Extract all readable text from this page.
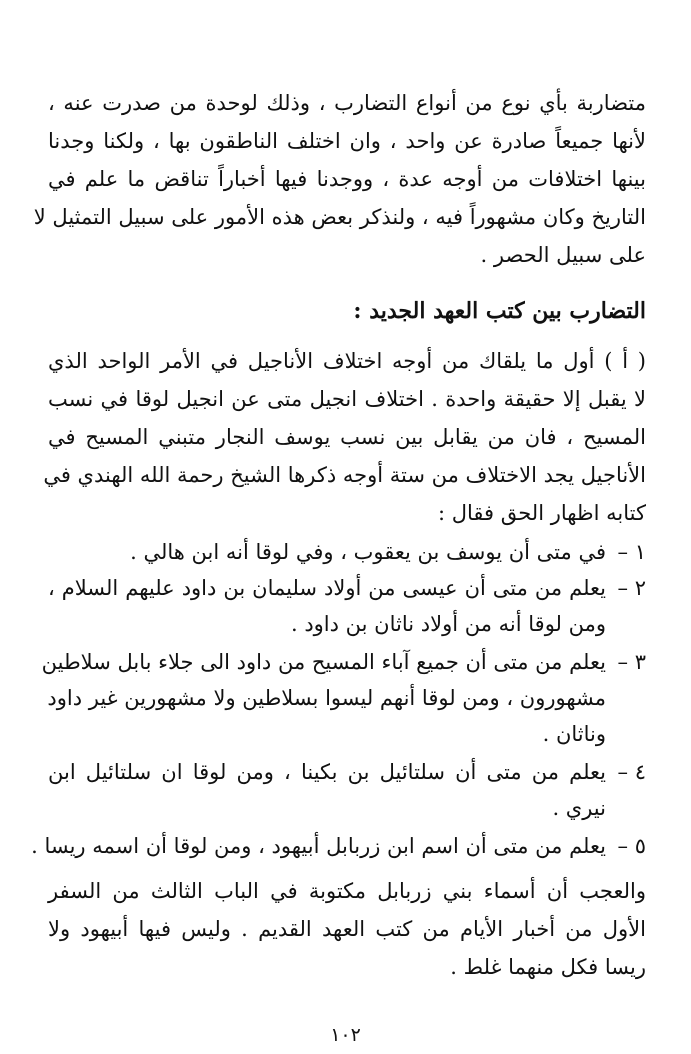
متضاربة بأي نوع من أنواع التضارب ، وذلك لوحدة من صدرت عنه ،
لأنها جميعاً صادرة عن واحد ، وان اختلف الناطقون بها ، ولكنا وجدنا
بينها اختلافات من أوجه عدة ، ووجدنا فيها أخباراً تناقض ما علم في
التاريخ وكان مشهوراً فيه ، ولنذكر بعض هذه الأمور على سبيل التمثيل لا
على سبيل الحصر .
التضارب بين كتب العهد الجديد :
( أ ) أول ما يلقاك من أوجه اختلاف الأناجيل في الأمر الواحد الذي
لا يقبل إلا حقيقة واحدة . اختلاف انجيل متى عن انجيل لوقا في نسب
المسيح ، فان من يقابل بين نسب يوسف النجار متبني المسيح في
الأناجيل يجد الاختلاف من ستة أوجه ذكرها الشيخ رحمة الله الهندي في
كتابه اظهار الحق فقال :
١ –
في متى أن يوسف بن يعقوب ، وفي لوقا أنه ابن هالي .
٢ –
يعلم من متى أن عيسى من أولاد سليمان بن داود عليهم السلام ،
ومن لوقا أنه من أولاد ناثان بن داود .
٣ –
يعلم من متى أن جميع آباء المسيح من داود الى جلاء بابل سلاطين
مشهورون ، ومن لوقا أنهم ليسوا بسلاطين ولا مشهورين غير داود
وناثان .
٤ –
يعلم من متى أن سلتائيل بن بكينا ، ومن لوقا ان سلتائيل ابن
نيري .
٥ –
يعلم من متى أن اسم ابن زربابل أبيهود ، ومن لوقا أن اسمه ريسا .
والعجب أن أسماء بني زربابل مكتوبة في الباب الثالث من السفر
الأول من أخبار الأيام من كتب العهد القديم . وليس فيها أبيهود ولا
ريسا فكل منهما غلط .
١٠٢
